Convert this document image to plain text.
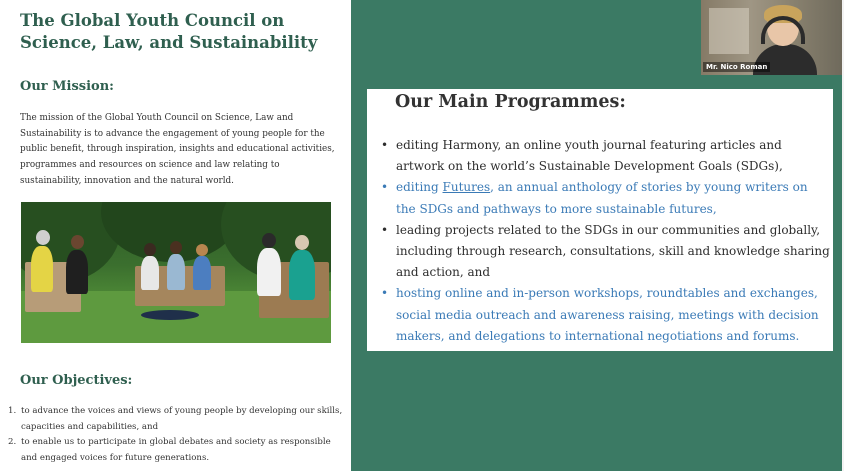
The Global Youth Council on Science, Law, and Sustainability
Our Mission:
The mission of the Global Youth Council on Science, Law and Sustainability is to advance the engagement of young people for the public benefit, through inspiration, insights and educational activities, programmes and resources on science and law relating to sustainability, innovation and the natural world.
Our Objectives:
1. to advance the voices and views of young people by developing our skills, capacities and capabilities, and
2. to enable us to participate in global debates and society as responsible and engaged voices for future generations.
Our Main Programmes:
• editing Harmony, an online youth journal featuring articles and artwork on the world’s Sustainable Development Goals (SDGs),
• editing Futures, an annual anthology of stories by young writers on the SDGs and pathways to more sustainable futures,
• leading projects related to the SDGs in our communities and globally, including through research, consultations, skill and knowledge sharing and action, and
• hosting online and in-person workshops, roundtables and exchanges, social media outreach and awareness raising, meetings with decision makers, and delegations to international negotiations and forums.
Mr. Nico Roman
